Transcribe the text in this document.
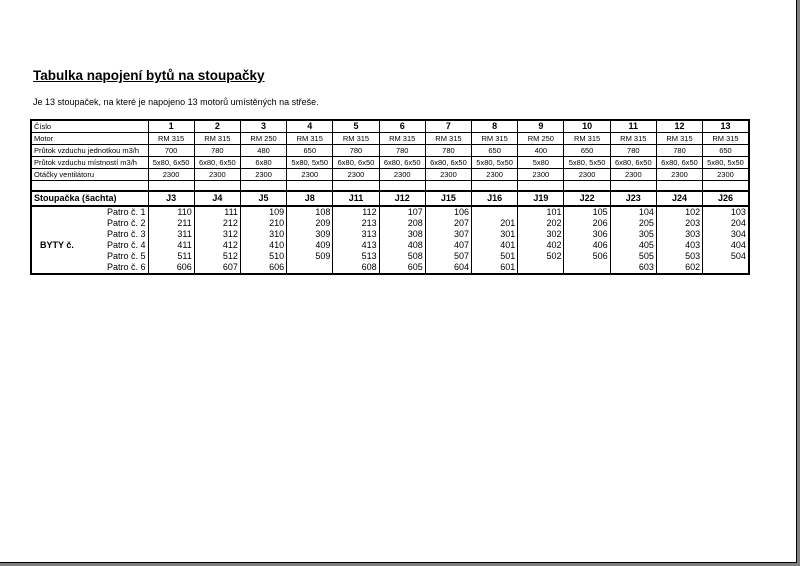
Tabulka napojení bytů na stoupačky
Je 13 stoupaček, na které je napojeno 13 motorů umístěných na střeše.
Číslo		1	2	3	4	5	6	7	8	9	10	11	12	13
Motor		RM 315	RM 315	RM 250	RM 315	RM 315	RM 315	RM 315	RM 315	RM 250	RM 315	RM 315	RM 315	RM 315
Průtok vzduchu jednotkou m3/h		700	780	480	650	780	780	780	650	400	650	780	780	650
Průtok vzduchu místností m3/h		5x80, 6x50	6x80, 6x50	6x80	5x80, 5x50	6x80, 6x50	6x80, 6x50	6x80, 6x50	5x80, 5x50	5x80	5x80, 5x50	6x80, 6x50	6x80, 6x50	5x80, 5x50
Otáčky ventilátoru		2300	2300	2300	2300	2300	2300	2300	2300	2300	2300	2300	2300	2300

Stoupačka (šachta)		J3	J4	J5	J8	J11	J12	J15	J16	J19	J22	J23	J24	J26
	Patro č. 1	110	111	109	108	112	107	106		101	105	104	102	103
	Patro č. 2	211	212	210	209	213	208	207	201	202	206	205	203	204
	Patro č. 3	311	312	310	309	313	308	307	301	302	306	305	303	304
BYTY č.	Patro č. 4	411	412	410	409	413	408	407	401	402	406	405	403	404
	Patro č. 5	511	512	510	509	513	508	507	501	502	506	505	503	504
	Patro č. 6	606	607	606		608	605	604	601			603	602	
